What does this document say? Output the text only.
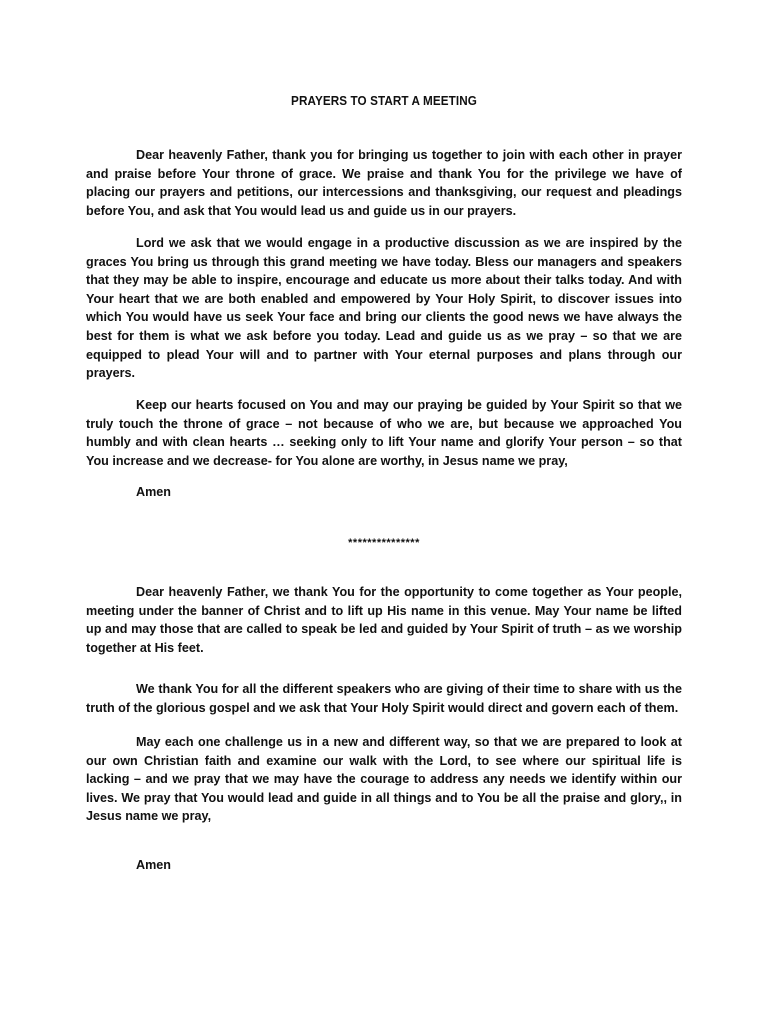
PRAYERS TO START A MEETING

Dear heavenly Father, thank you for bringing us together to join with each other in prayer and praise before Your throne of grace. We praise and thank You for the privilege we have of placing our prayers and petitions, our intercessions and thanksgiving, our request and pleadings before You, and ask that You would lead us and guide us in our prayers.

Lord we ask that we would engage in a productive discussion as we are inspired by the graces You bring us through this grand meeting we have today. Bless our managers and speakers that they may be able to inspire, encourage and educate us more about their talks today. And with Your heart that we are both enabled and empowered by Your Holy Spirit, to discover issues into which You would have us seek Your face and bring our clients the good news we have always the best for them is what we ask before you today. Lead and guide us as we pray – so that we are equipped to plead Your will and to partner with Your eternal purposes and plans through our prayers.

Keep our hearts focused on You and may our praying be guided by Your Spirit so that we truly touch the throne of grace – not because of who we are, but because we approached You humbly and with clean hearts … seeking only to lift Your name and glorify Your person – so that You increase and we decrease- for You alone are worthy, in Jesus name we pray,

Amen

***************

Dear heavenly Father, we thank You for the opportunity to come together as Your people, meeting under the banner of Christ and to lift up His name in this venue. May Your name be lifted up and may those that are called to speak be led and guided by Your Spirit of truth – as we worship together at His feet.

We thank You for all the different speakers who are giving of their time to share with us the truth of the glorious gospel and we ask that Your Holy Spirit would direct and govern each of them.

May each one challenge us in a new and different way, so that we are prepared to look at our own Christian faith and examine our walk with the Lord, to see where our spiritual life is lacking – and we pray that we may have the courage to address any needs we identify within our lives. We pray that You would lead and guide in all things and to You be all the praise and glory,, in Jesus name we pray,

Amen
